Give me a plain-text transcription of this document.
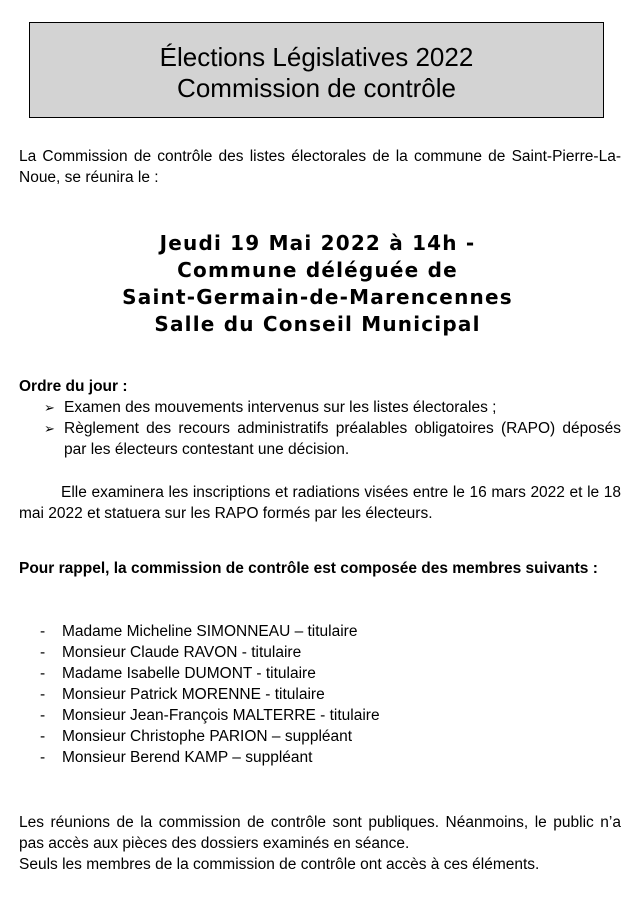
Élections Législatives 2022
Commission de contrôle
La Commission de contrôle des listes électorales de la commune de Saint-Pierre-La-Noue, se réunira le :
Jeudi 19 Mai 2022 à 14h -
Commune déléguée de
Saint-Germain-de-Marencennes
Salle du Conseil Municipal
Ordre du jour :
➢ Examen des mouvements intervenus sur les listes électorales ;
➢ Règlement des recours administratifs préalables obligatoires (RAPO) déposés par les électeurs contestant une décision.
Elle examinera les inscriptions et radiations visées entre le 16 mars 2022 et le 18 mai 2022 et statuera sur les RAPO formés par les électeurs.
Pour rappel, la commission de contrôle est composée des membres suivants :
- Madame Micheline SIMONNEAU – titulaire
- Monsieur Claude RAVON - titulaire
- Madame Isabelle DUMONT - titulaire
- Monsieur Patrick MORENNE - titulaire
- Monsieur Jean-François MALTERRE - titulaire
- Monsieur Christophe PARION – suppléant
- Monsieur Berend KAMP – suppléant
Les réunions de la commission de contrôle sont publiques. Néanmoins, le public n’a pas accès aux pièces des dossiers examinés en séance.
Seuls les membres de la commission de contrôle ont accès à ces éléments.
